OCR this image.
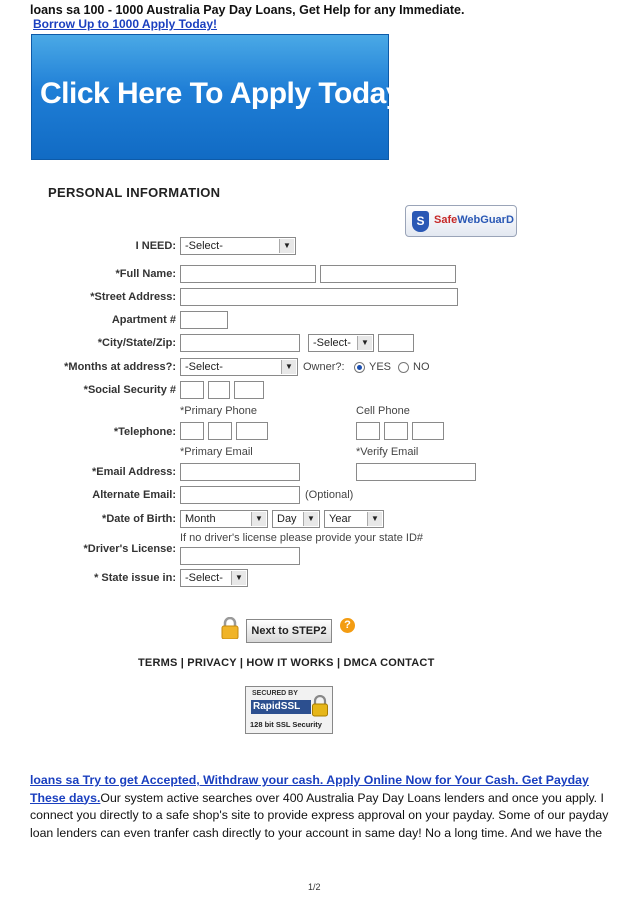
loans sa 100 - 1000 Australia Pay Day Loans, Get Help for any Immediate.
Borrow Up to 1000 Apply Today!
Click Here To Apply Today
PERSONAL INFORMATION
S SafeWebGuarD
I NEED: -Select-	▼
*Full Name:
*Street Address:
Apartment #
*City/State/Zip:	-Select-	▼
*Months at address?: -Select-	▼ Owner?: YES NO
*Social Security #
*Primary Phone	Cell Phone
*Telephone:
*Primary Email	*Verify Email
*Email Address:
Alternate Email:	(Optional)
*Date of Birth: Month	▼	Day	▼	Year	▼
If no driver's license please provide your state ID#
*Driver's License:
* State issue in: -Select-	▼
Next to STEP2	?
TERMS | PRIVACY | HOW IT WORKS | DMCA CONTACT
SECURED BY
RapidSSL
128 bit SSL Security
loans sa Try to get Accepted, Withdraw your cash. Apply Online Now for Your Cash. Get Payday These days.Our system active searches over 400 Australia Pay Day Loans lenders and once you apply. I connect you directly to a safe shop's site to provide express approval on your payday. Some of our payday loan lenders can even tranfer cash directly to your account in same day! No a long time. And we have the
1/2
